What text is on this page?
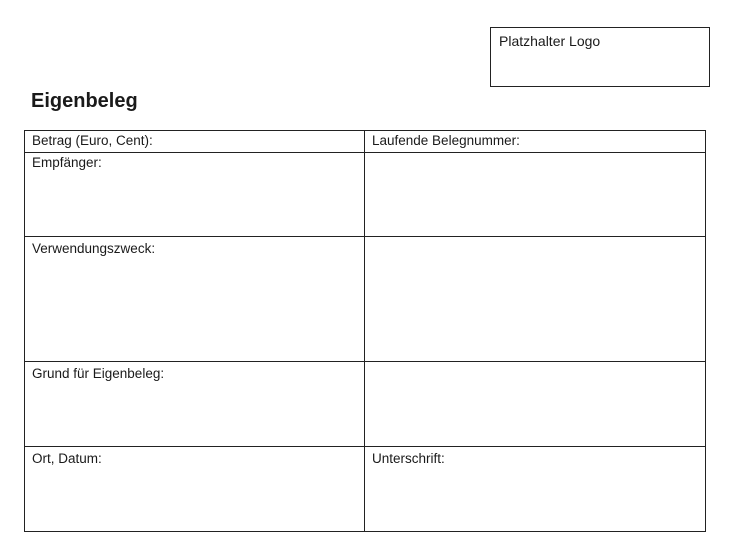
Platzhalter Logo
Eigenbeleg
Betrag (Euro, Cent):	Laufende Belegnummer:
Empfänger:	
Verwendungszweck:	
Grund für Eigenbeleg:	
Ort, Datum:	Unterschrift:
